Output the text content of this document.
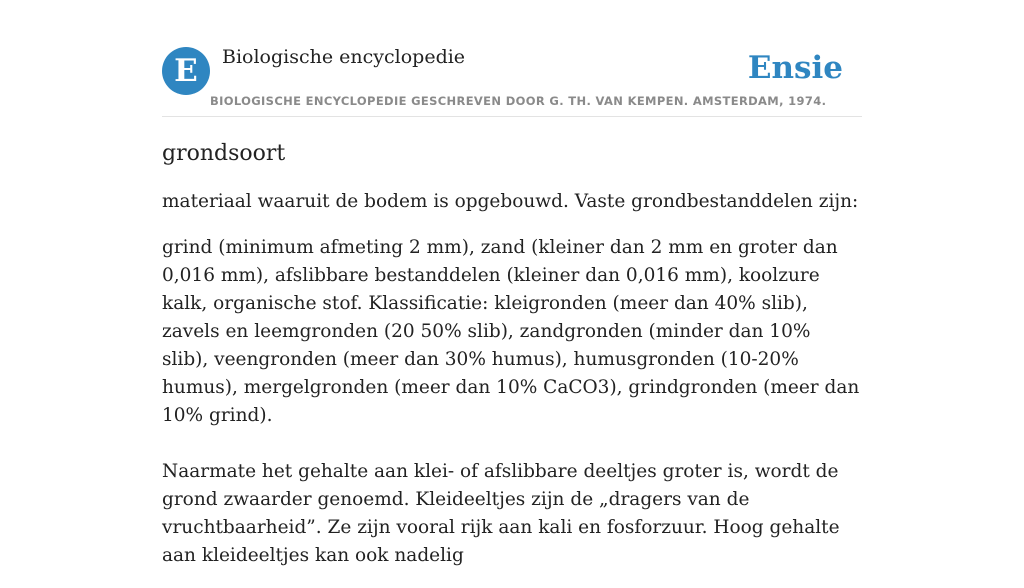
E	Biologische encyclopedie	Ensie
BIOLOGISCHE ENCYCLOPEDIE GESCHREVEN DOOR G. TH. VAN KEMPEN. AMSTERDAM, 1974.
grondsoort

materiaal waaruit de bodem is opgebouwd. Vaste grondbestanddelen zijn:

grind (minimum afmeting 2 mm), zand (kleiner dan 2 mm en groter dan 0,016 mm), afslibbare bestanddelen (kleiner dan 0,016 mm), koolzure kalk, organische stof. Klassificatie: kleigronden (meer dan 40% slib), zavels en leemgronden (20 50% slib), zandgronden (minder dan 10% slib), veengronden (meer dan 30% humus), humusgronden (10-20% humus), mergelgronden (meer dan 10% CaCO3), grindgronden (meer dan 10% grind).

Naarmate het gehalte aan klei- of afslibbare deeltjes groter is, wordt de grond zwaarder genoemd. Kleideeltjes zijn de „dragers van de vruchtbaarheid”. Ze zijn vooral rijk aan kali en fosforzuur. Hoog gehalte aan kleideeltjes kan ook nadelig
